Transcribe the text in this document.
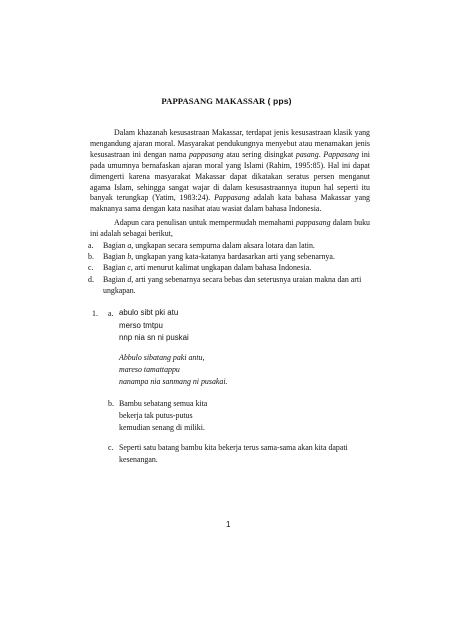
PAPPASANG MAKASSAR ( pps)
Dalam khazanah kesusastraan Makassar, terdapat jenis kesusastraan klasik yang mengandung ajaran moral. Masyarakat pendukungnya menyebut atau menamakan jenis kesusastraan ini dengan nama pappasang atau sering disingkat pasang. Pappasang ini pada umumnya bernafaskan ajaran moral yang Islami (Rahim, 1995:85). Hal ini dapat dimengerti karena masyarakat Makassar dapat dikatakan seratus persen menganut agama Islam, sehingga sangat wajar di dalam kesusastraannya itupun hal seperti itu banyak terungkap (Yatim, 1983:24). Pappasang adalah kata bahasa Makassar yang maknanya sama dengan kata nasihat atau wasiat dalam bahasa Indonesia.
Adapun cara penulisan untuk mempermudah memahami pappasang dalam buku ini adalah sebagai berikut,
a.	Bagian a, ungkapan secara sempurna dalam aksara lotara dan latin.
b.	Bagian b, ungkapan yang kata-katanya bardasarkan arti yang sebenarnya.
c.	Bagian c, arti menurut kalimat ungkapan dalam bahasa Indonesia.
d.	Bagian d, arti yang sebenarnya secara bebas dan seterusnya uraian makna dan arti ungkapan.
1. a. abulo sibt pki atu
merso tmtpu
nnp nia sn ni puskai
Abbulo sibatang paki antu,
mareso tamattappu
nanampa nia sanmang ni pusakai.
b. Bambu sebatang semua kita
bekerja tak putus-putus
kemudian senang di miliki.
c. Seperti satu batang bambu kita bekerja terus sama-sama akan kita dapati kesenangan.
1
